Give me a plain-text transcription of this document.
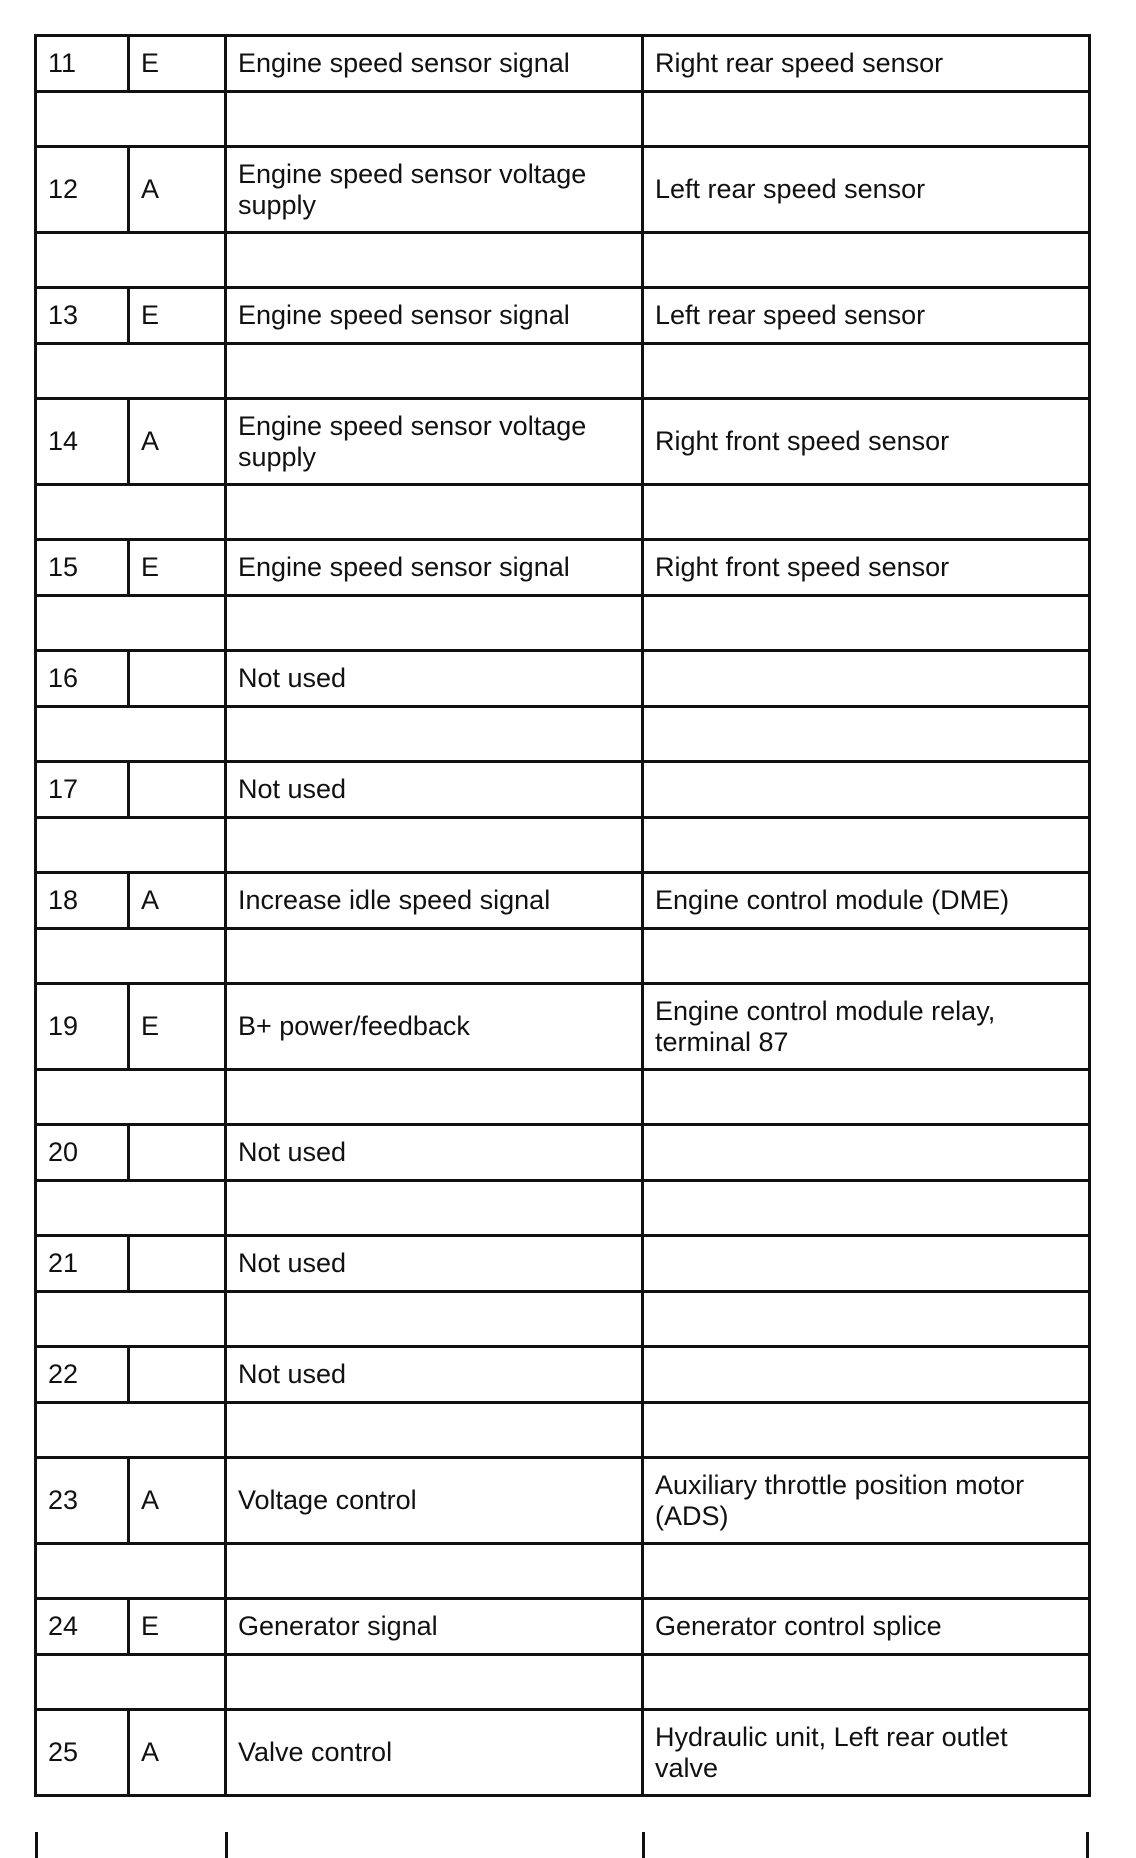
11	E	Engine speed sensor signal	Right rear speed sensor

12	A	Engine speed sensor voltage supply	Left rear speed sensor

13	E	Engine speed sensor signal	Left rear speed sensor

14	A	Engine speed sensor voltage supply	Right front speed sensor

15	E	Engine speed sensor signal	Right front speed sensor

16		Not used	

17		Not used	

18	A	Increase idle speed signal	Engine control module (DME)

19	E	B+ power/feedback	Engine control module relay, terminal 87

20		Not used	

21		Not used	

22		Not used	

23	A	Voltage control	Auxiliary throttle position motor (ADS)

24	E	Generator signal	Generator control splice

25	A	Valve control	Hydraulic unit, Left rear outlet valve
